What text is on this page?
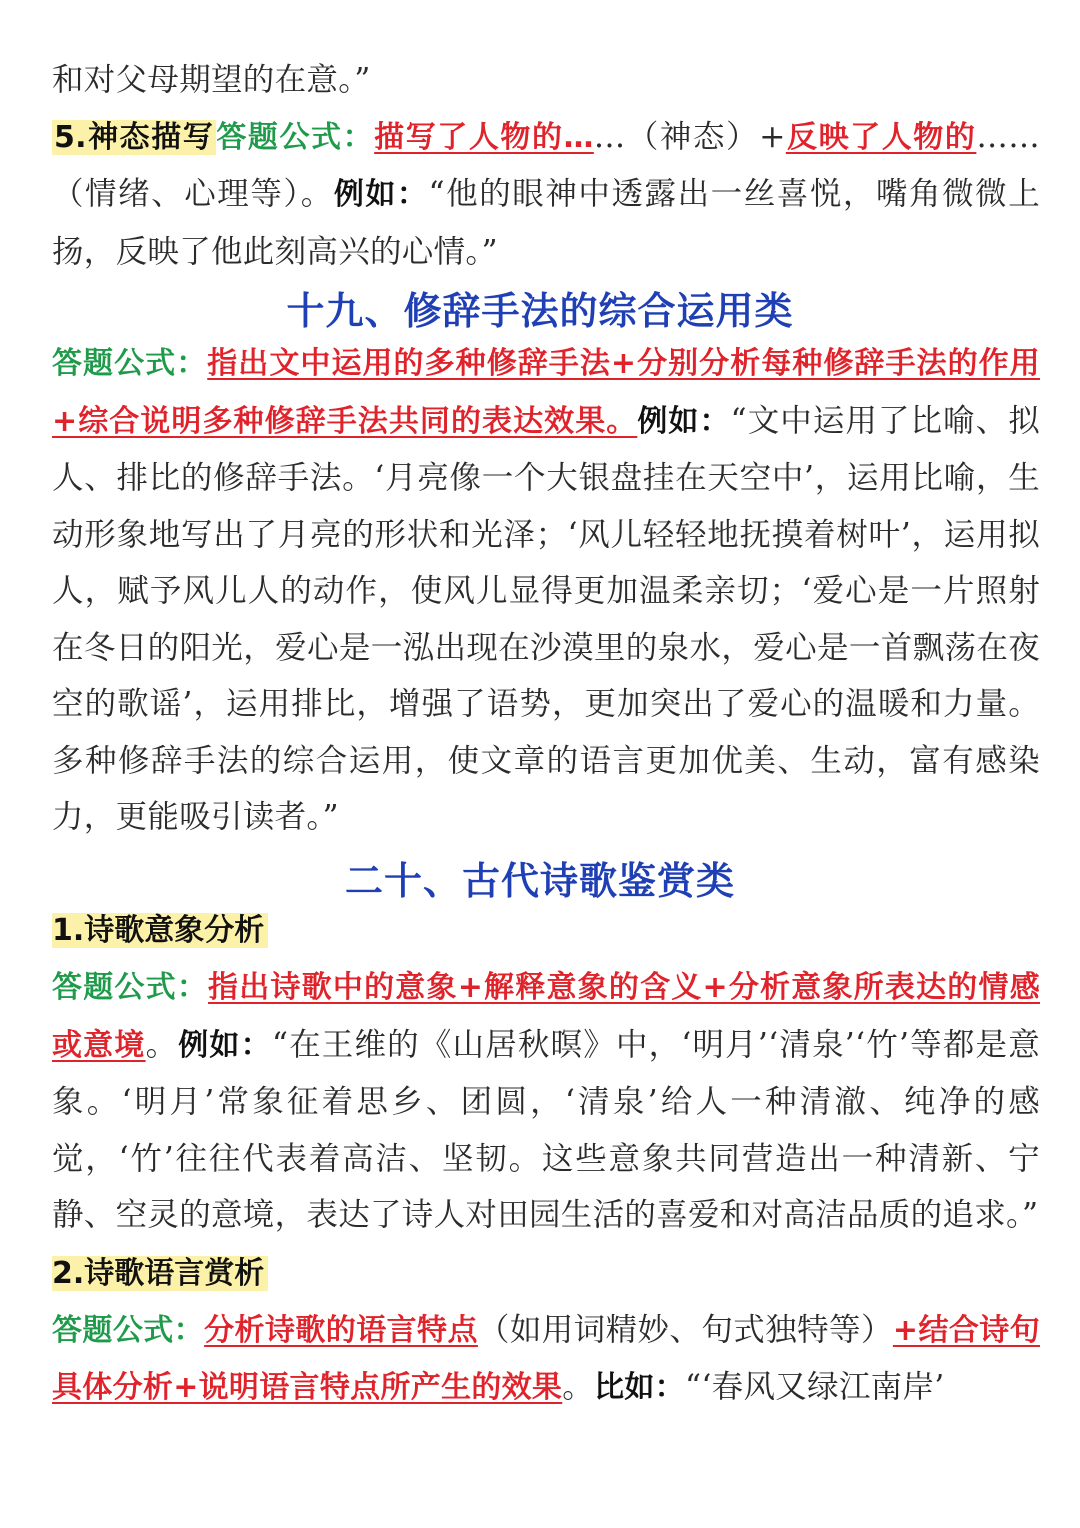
和对父母期望的在意。”

5.神态描写答题公式：描写了人物的……（神态）+反映了人物的……（情绪、心理等）。例如：“他的眼神中透露出一丝喜悦，嘴角微微上扬，反映了他此刻高兴的心情。”

十九、修辞手法的综合运用类

答题公式：指出文中运用的多种修辞手法+分别分析每种修辞手法的作用+综合说明多种修辞手法共同的表达效果。例如：“文中运用了比喻、拟人、排比的修辞手法。‘月亮像一个大银盘挂在天空中’，运用比喻，生动形象地写出了月亮的形状和光泽；‘风儿轻轻地抚摸着树叶’，运用拟人，赋予风儿人的动作，使风儿显得更加温柔亲切；‘爱心是一片照射在冬日的阳光，爱心是一泓出现在沙漠里的泉水，爱心是一首飘荡在夜空的歌谣’，运用排比，增强了语势，更加突出了爱心的温暖和力量。多种修辞手法的综合运用，使文章的语言更加优美、生动，富有感染力，更能吸引读者。”

二十、古代诗歌鉴赏类

1.诗歌意象分析

答题公式：指出诗歌中的意象+解释意象的含义+分析意象所表达的情感或意境。例如：“在王维的《山居秋暝》中，‘明月’‘清泉’‘竹’等都是意象。‘明月’常象征着思乡、团圆，‘清泉’给人一种清澈、纯净的感觉，‘竹’往往代表着高洁、坚韧。这些意象共同营造出一种清新、宁静、空灵的意境，表达了诗人对田园生活的喜爱和对高洁品质的追求。”

2.诗歌语言赏析

答题公式：分析诗歌的语言特点（如用词精妙、句式独特等）+结合诗句具体分析+说明语言特点所产生的效果。比如：“‘春风又绿江南岸’
